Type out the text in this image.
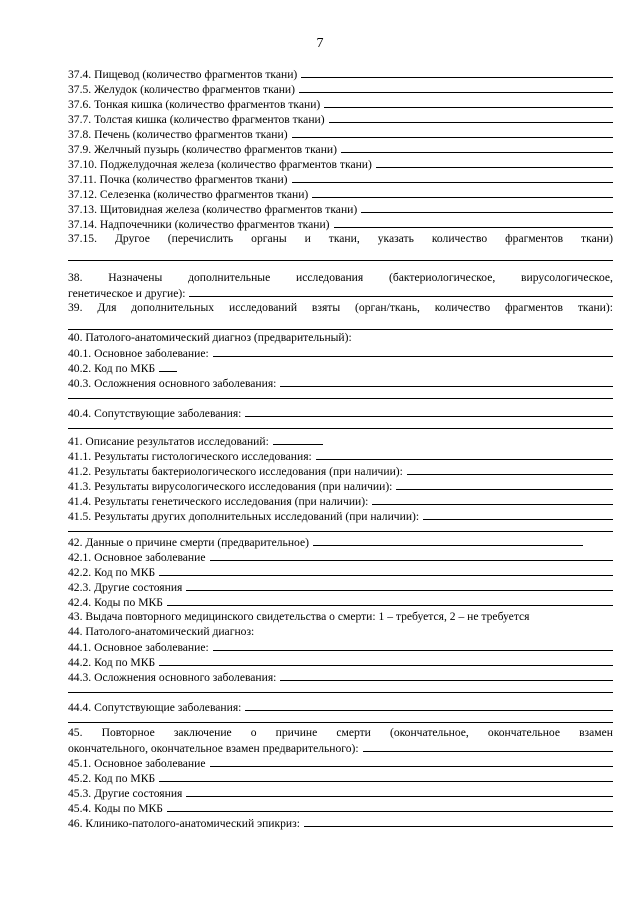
7
37.4. Пищевод (количество фрагментов ткани)
37.5. Желудок (количество фрагментов ткани)
37.6. Тонкая кишка (количество фрагментов ткани)
37.7. Толстая кишка (количество фрагментов ткани)
37.8. Печень (количество фрагментов ткани)
37.9. Желчный пузырь (количество фрагментов ткани)
37.10. Поджелудочная железа (количество фрагментов ткани)
37.11. Почка (количество фрагментов ткани)
37.12. Селезенка (количество фрагментов ткани)
37.13. Щитовидная железа (количество фрагментов ткани)
37.14. Надпочечники (количество фрагментов ткани)
37.15. Другое (перечислить органы и ткани, указать количество фрагментов ткани)
38. Назначены дополнительные исследования (бактериологическое, вирусологическое,
генетическое и другие):
39. Для дополнительных исследований взяты (орган/ткань, количество фрагментов ткани):
40. Патолого-анатомический диагноз (предварительный):
40.1. Основное заболевание:
40.2. Код по МКБ
40.3. Осложнения основного заболевания:
40.4. Сопутствующие заболевания:
41. Описание результатов исследований:
41.1. Результаты гистологического исследования:
41.2. Результаты бактериологического исследования (при наличии):
41.3. Результаты вирусологического исследования (при наличии):
41.4. Результаты генетического исследования (при наличии):
41.5. Результаты других дополнительных исследований (при наличии):
42. Данные о причине смерти (предварительное)
42.1. Основное заболевание
42.2. Код по МКБ
42.3. Другие состояния
42.4. Коды по МКБ
43. Выдача повторного медицинского свидетельства о смерти: 1 – требуется, 2 – не требуется
44. Патолого-анатомический диагноз:
44.1. Основное заболевание:
44.2. Код по МКБ
44.3. Осложнения основного заболевания:
44.4. Сопутствующие заболевания:
45. Повторное заключение о причине смерти (окончательное, окончательное взамен
окончательного, окончательное взамен предварительного):
45.1. Основное заболевание
45.2. Код по МКБ
45.3. Другие состояния
45.4. Коды по МКБ
46. Клинико-патолого-анатомический эпикриз:
